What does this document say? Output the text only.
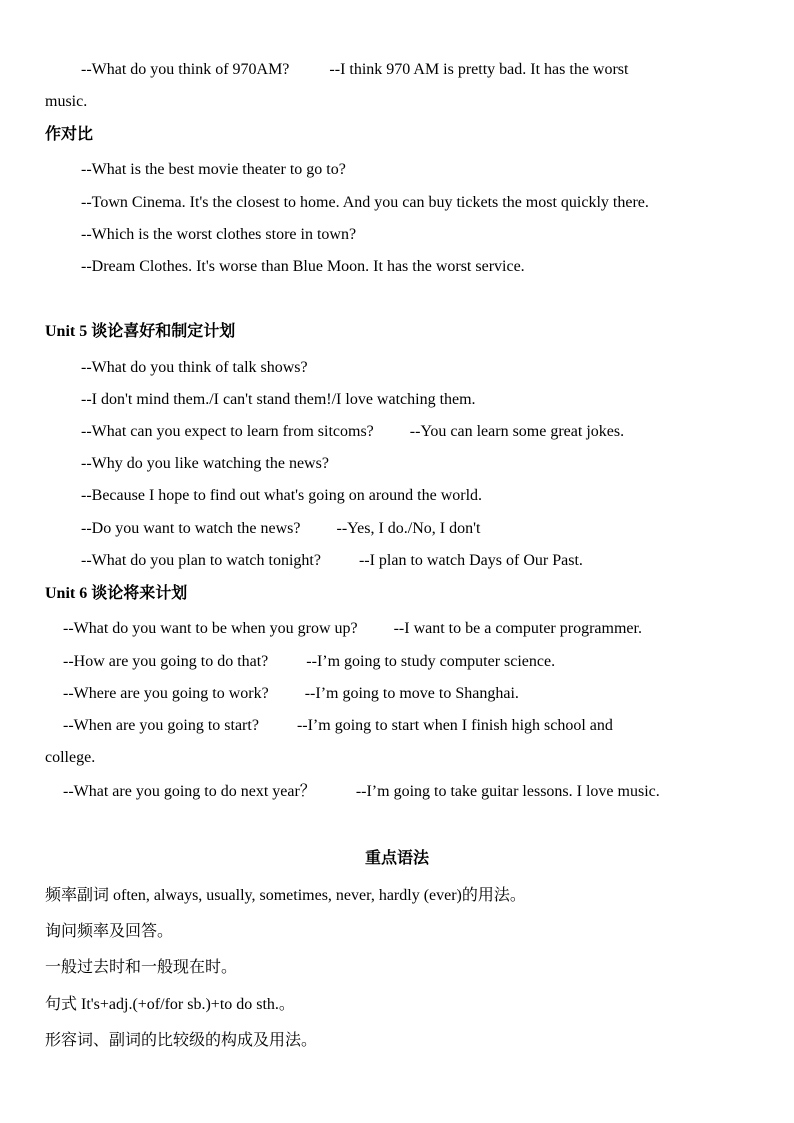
--What do you think of 970AM?	--I think 970 AM is pretty bad. It has the worst
music.
作对比
--What is the best movie theater to go to?
--Town Cinema. It's the closest to home. And you can buy tickets the most quickly there.
--Which is the worst clothes store in town?
--Dream Clothes. It's worse than Blue Moon. It has the worst service.
Unit 5 谈论喜好和制定计划
--What do you think of talk shows?
--I don't mind them./I can't stand them!/I love watching them.
--What can you expect to learn from sitcoms? --You can learn some great jokes.
--Why do you like watching the news?
--Because I hope to find out what's going on around the world.
--Do you want to watch the news? --Yes, I do./No, I don't
--What do you plan to watch tonight? --I plan to watch Days of Our Past.
Unit 6 谈论将来计划
--What do you want to be when you grow up? --I want to be a computer programmer.
--How are you going to do that? --I’m going to study computer science.
--Where are you going to work? --I’m going to move to Shanghai.
--When are you going to start? --I’m going to start when I finish high school and
college.
--What are you going to do next year？	--I’m going to take guitar lessons. I love music.
重点语法
频率副词 often, always, usually, sometimes, never, hardly (ever)的用法。
询问频率及回答。
一般过去时和一般现在时。
句式 It's+adj.(+of/for sb.)+to do sth.。
形容词、副词的比较级的构成及用法。
